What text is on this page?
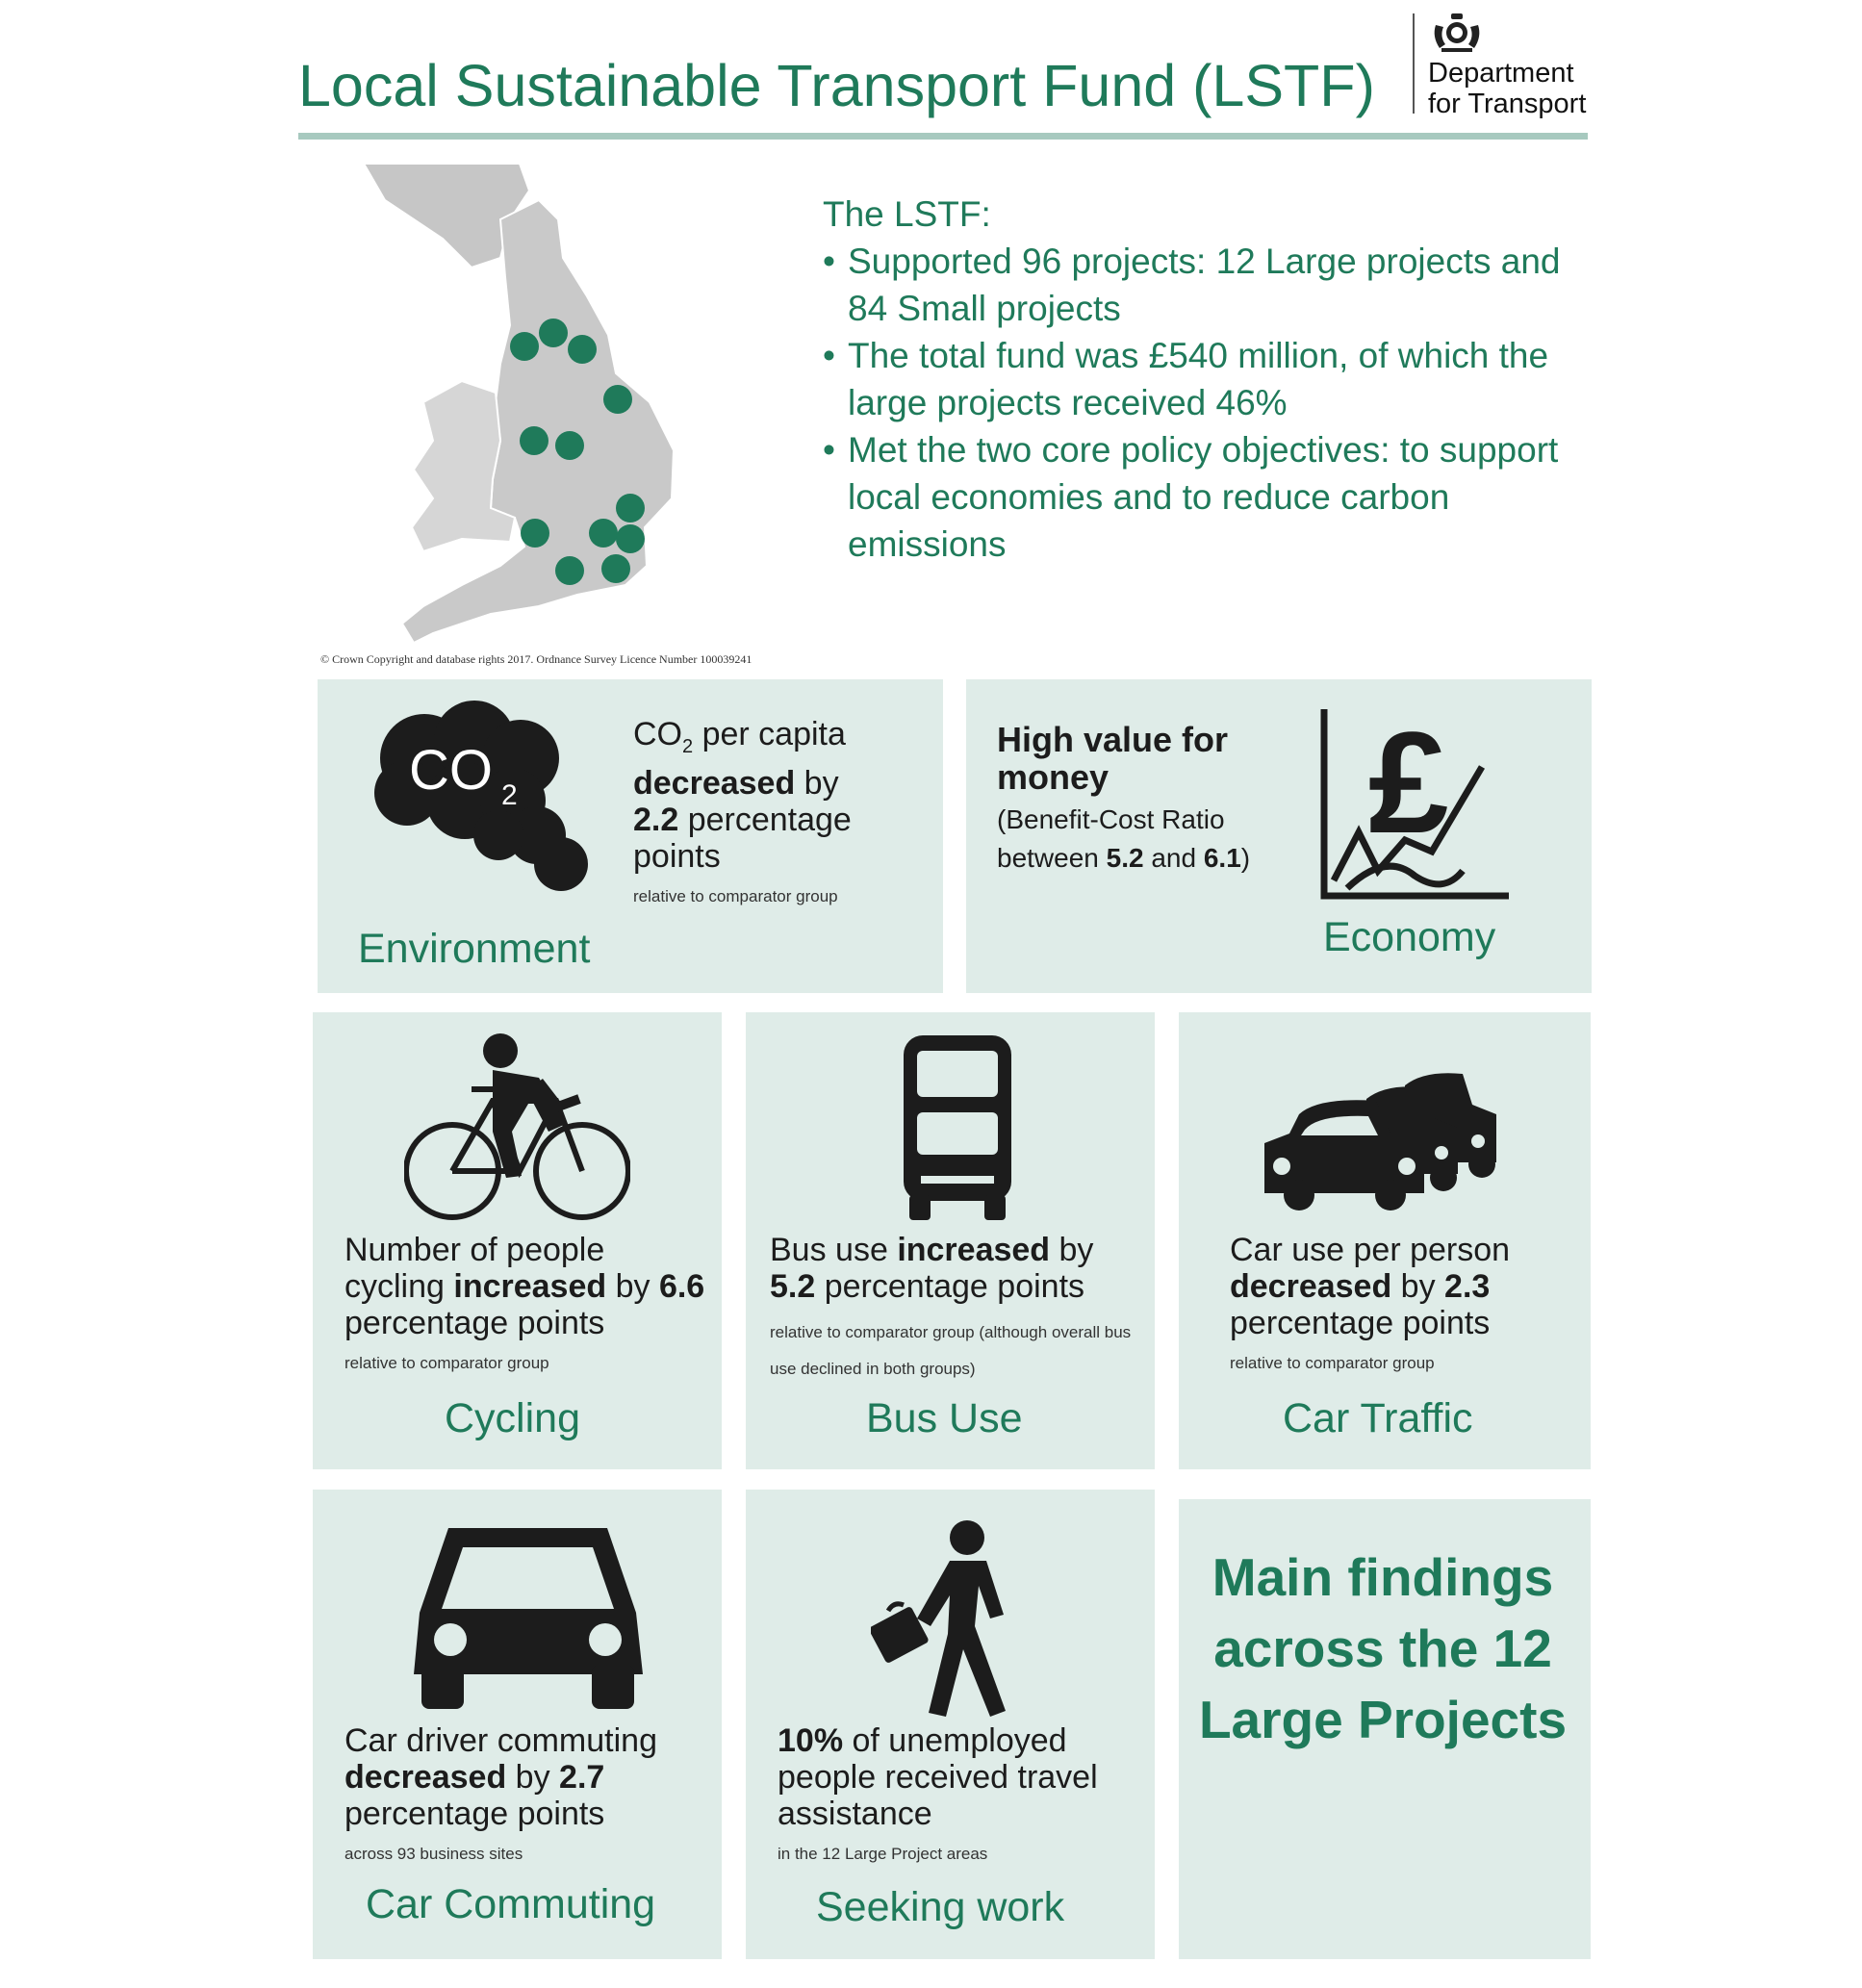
Local Sustainable Transport Fund (LSTF) Department
for Transport
© Crown Copyright and database rights 2017. Ordnance Survey Licence Number 100039241
The LSTF:
• Supported 96 projects: 12 Large projects and 84 Small projects
• The total fund was £540 million, of which the large projects received 46%
• Met the two core policy objectives: to support local economies and to reduce carbon emissions
CO 2
$CO_2$ per capita
decreased by
2.2 percentage
points
relative to comparator group
Environment
High value for money
(Benefit-Cost Ratio between 5.2 and 6.1) £
Economy
Number of people cycling increased by 6.6 percentage points
relative to comparator group
Cycling
Bus use increased by 5.2 percentage points
relative to comparator group (although overall bus use declined in both groups)
Bus Use
Car use per person decreased by 2.3 percentage points
relative to comparator group
Car Traffic
Car driver commuting decreased by 2.7 percentage points
across 93 business sites
Car Commuting
10% of unemployed people received travel assistance
in the 12 Large Project areas
Seeking work
Main findings across the 12 Large Projects
